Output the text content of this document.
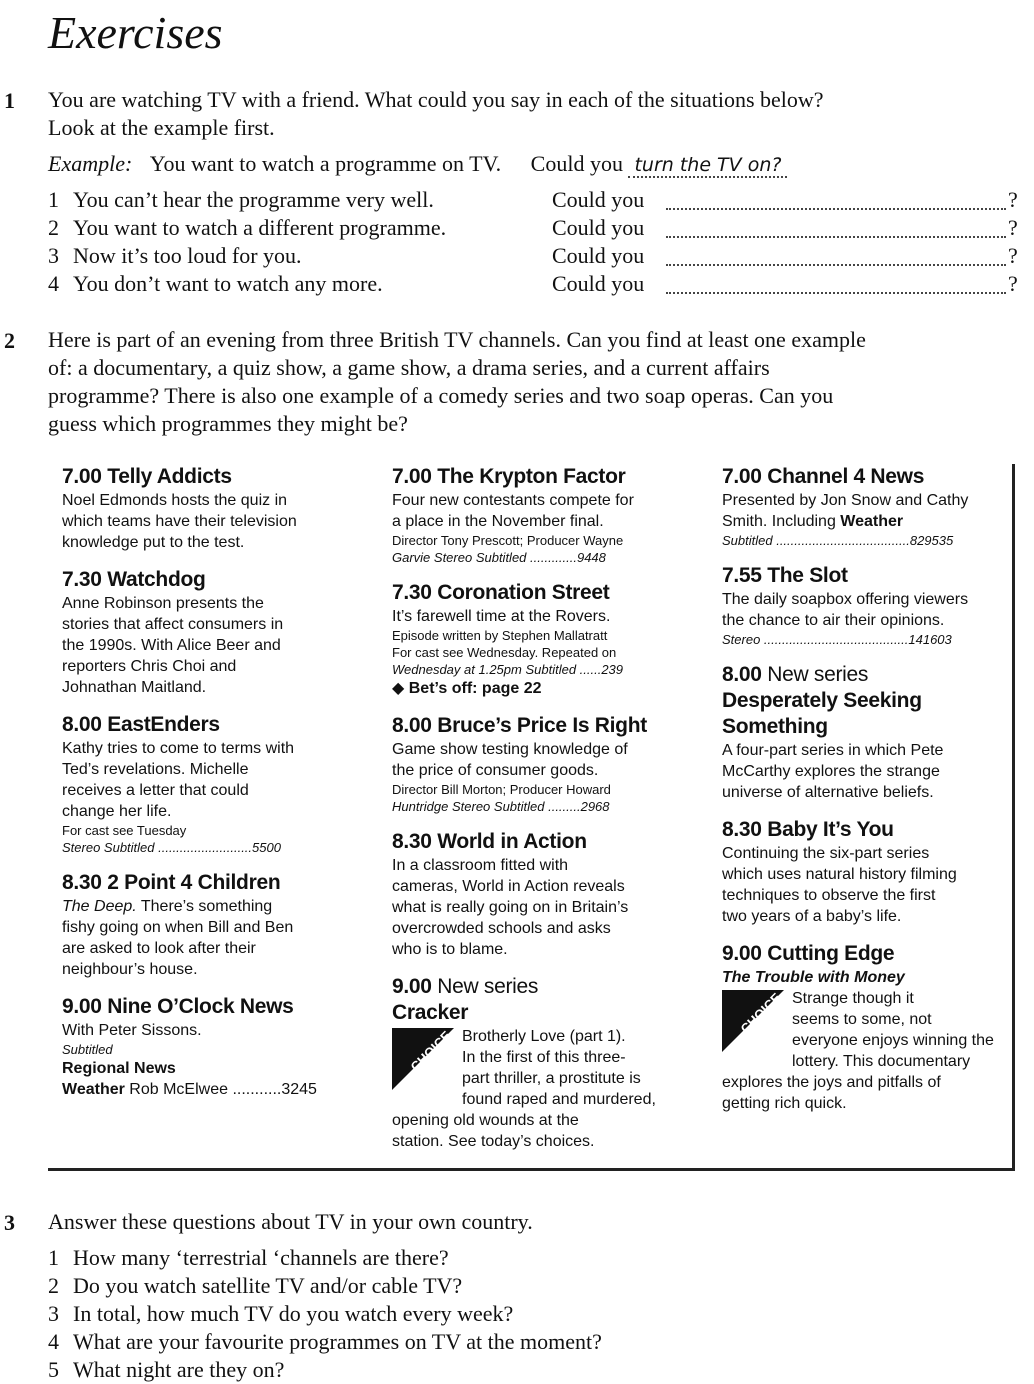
Exercises
1 You are watching TV with a friend. What could you say in each of the situations below?
Look at the example first.
Example: You want to watch a programme on TV. Could you turn the TV on?
1 You can’t hear the programme very well.	Could you	?
2 You want to watch a different programme.	Could you	?
3 Now it’s too loud for you.	Could you	?
4 You don’t want to watch any more.	Could you	?
2 Here is part of an evening from three British TV channels. Can you find at least one example
of: a documentary, a quiz show, a game show, a drama series, and a current affairs
programme? There is also one example of a comedy series and two soap operas. Can you
guess which programmes they might be?
7.00 Telly Addicts
Noel Edmonds hosts the quiz in
which teams have their television
knowledge put to the test.

7.30 Watchdog
Anne Robinson presents the
stories that affect consumers in
the 1990s. With Alice Beer and
reporters Chris Choi and
Johnathan Maitland.

8.00 EastEnders
Kathy tries to come to terms with
Ted’s revelations. Michelle
receives a letter that could
change her life.

For cast see Tuesday
Stereo Subtitled ..........................5500
8.30 2 Point 4 Children
The Deep. There’s something
fishy going on when Bill and Ben
are asked to look after their
neighbour’s house.

9.00 Nine O’Clock News
With Peter Sissons.

Subtitled
Regional News
Weather Rob McElwee ...........3245
7.00 The Krypton Factor
Four new contestants compete for
a place in the November final.

Director Tony Prescott; Producer Wayne
Garvie Stereo Subtitled .............9448
7.30 Coronation Street
It’s farewell time at the Rovers.

Episode written by Stephen Mallatratt
For cast see Wednesday. Repeated on
Wednesday at 1.25pm Subtitled ......239
◆ Bet’s off: page 22
8.00 Bruce’s Price Is Right
Game show testing knowledge of
the price of consumer goods.

Director Bill Morton; Producer Howard
Huntridge Stereo Subtitled .........2968
8.30 World in Action
In a classroom fitted with
cameras, World in Action reveals
what is really going on in Britain’s
overcrowded schools and asks
who is to blame.

9.00 New series
Cracker
CHOICE Brotherly Love (part 1).
In the first of this three-
part thriller, a prostitute is
found raped and murdered,
opening old wounds at the
station. See today’s choices.

7.00 Channel 4 News
Presented by Jon Snow and Cathy
Smith. Including Weather
Subtitled .....................................829535
7.55 The Slot
The daily soapbox offering viewers
the chance to air their opinions.

Stereo ........................................141603
8.00 New series
Desperately Seeking
Something
A four-part series in which Pete
McCarthy explores the strange
universe of alternative beliefs.

8.30 Baby It’s You
Continuing the six-part series
which uses natural history filming
techniques to observe the first
two years of a baby’s life.

9.00 Cutting Edge
The Trouble with Money
CHOICE Strange though it
seems to some, not
everyone enjoys winning the
lottery. This documentary
explores the joys and pitfalls of
getting rich quick.

3 Answer these questions about TV in your own country.
1 How many ‘terrestrial ‘channels are there?
2 Do you watch satellite TV and/or cable TV?
3 In total, how much TV do you watch every week?
4 What are your favourite programmes on TV at the moment?
5 What night are they on?
